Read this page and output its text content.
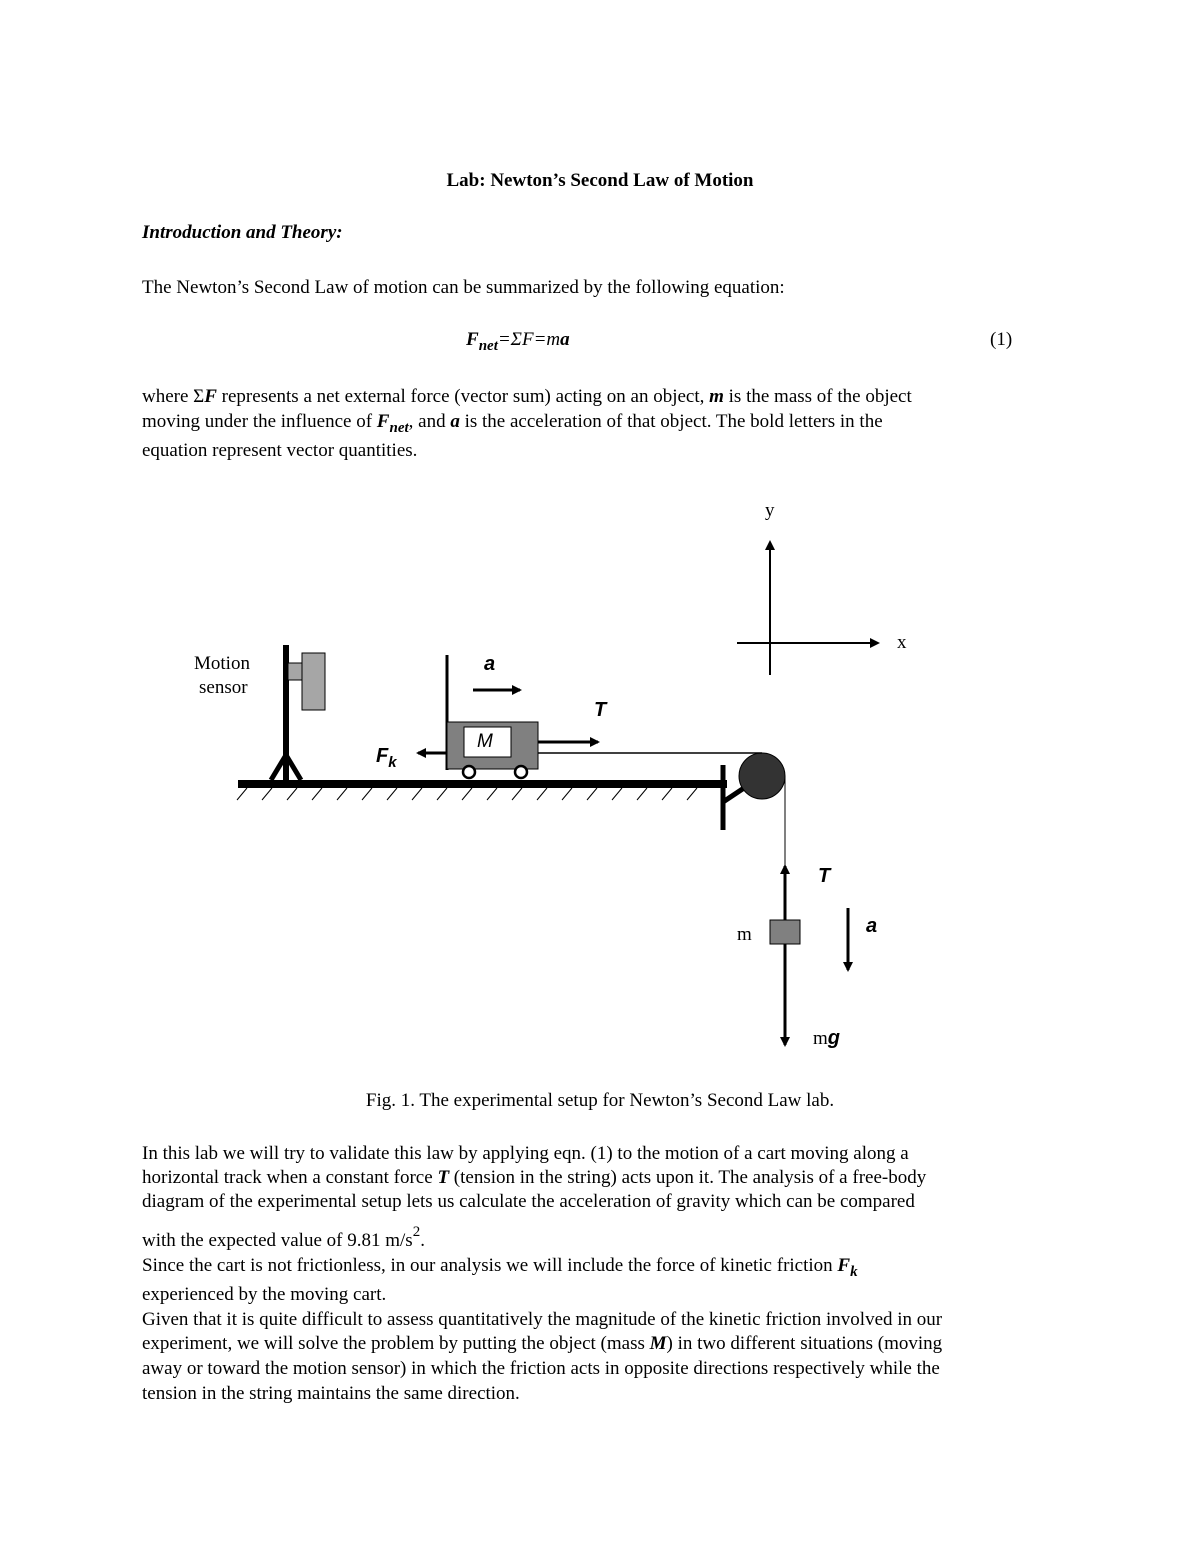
Lab: Newton’s Second Law of Motion
Introduction and Theory:
The Newton’s Second Law of motion can be summarized by the following equation:
$F_{net}=\Sigma F=ma$	(1)
where ΣF represents a net external force (vector sum) acting on an object, m is the mass of the object
moving under the influence of $F_{net}$, and a is the acceleration of that object. The bold letters in the
equation represent vector quantities.
y
x
Motion
sensor
M
a
T
$F_k$
m
T
a
mg
Fig. 1. The experimental setup for Newton’s Second Law lab.
In this lab we will try to validate this law by applying eqn. (1) to the motion of a cart moving along a
horizontal track when a constant force T (tension in the string) acts upon it. The analysis of a free-body
diagram of the experimental setup lets us calculate the acceleration of gravity which can be compared
with the expected value of 9.81 $m/s^2$.
Since the cart is not frictionless, in our analysis we will include the force of kinetic friction $F_k$
experienced by the moving cart.
Given that it is quite difficult to assess quantitatively the magnitude of the kinetic friction involved in our
experiment, we will solve the problem by putting the object (mass M) in two different situations (moving
away or toward the motion sensor) in which the friction acts in opposite directions respectively while the
tension in the string maintains the same direction.
